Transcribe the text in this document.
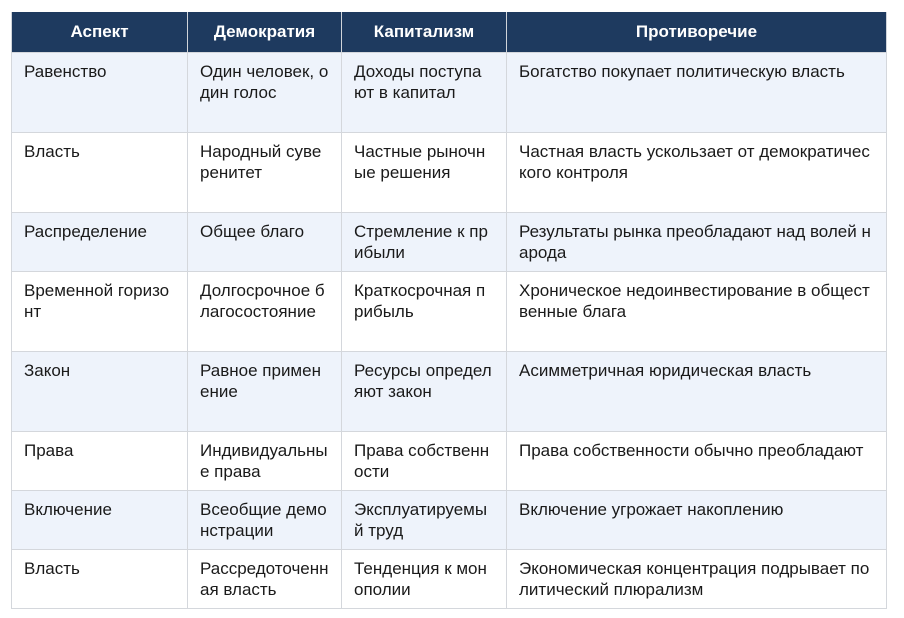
Аспект	Демократия	Капитализм	Противоречие
Равенство	Один человек, один голос	Доходы поступают в капитал	Богатство покупает политическую власть
Власть	Народный суверенитет	Частные рыночные решения	Частная власть ускользает от демократического контроля
Распределение	Общее благо	Стремление к прибыли	Результаты рынка преобладают над волей народа
Временной горизонт	Долгосрочное благосостояние	Краткосрочная прибыль	Хроническое недоинвестирование в общественные блага
Закон	Равное применение	Ресурсы определяют закон	Асимметричная юридическая власть
Права	Индивидуальные права	Права собственности	Права собственности обычно преобладают
Включение	Всеобщие демонстрации	Эксплуатируемый труд	Включение угрожает накоплению
Власть	Рассредоточенная власть	Тенденция к монополии	Экономическая концентрация подрывает политический плюрализм
